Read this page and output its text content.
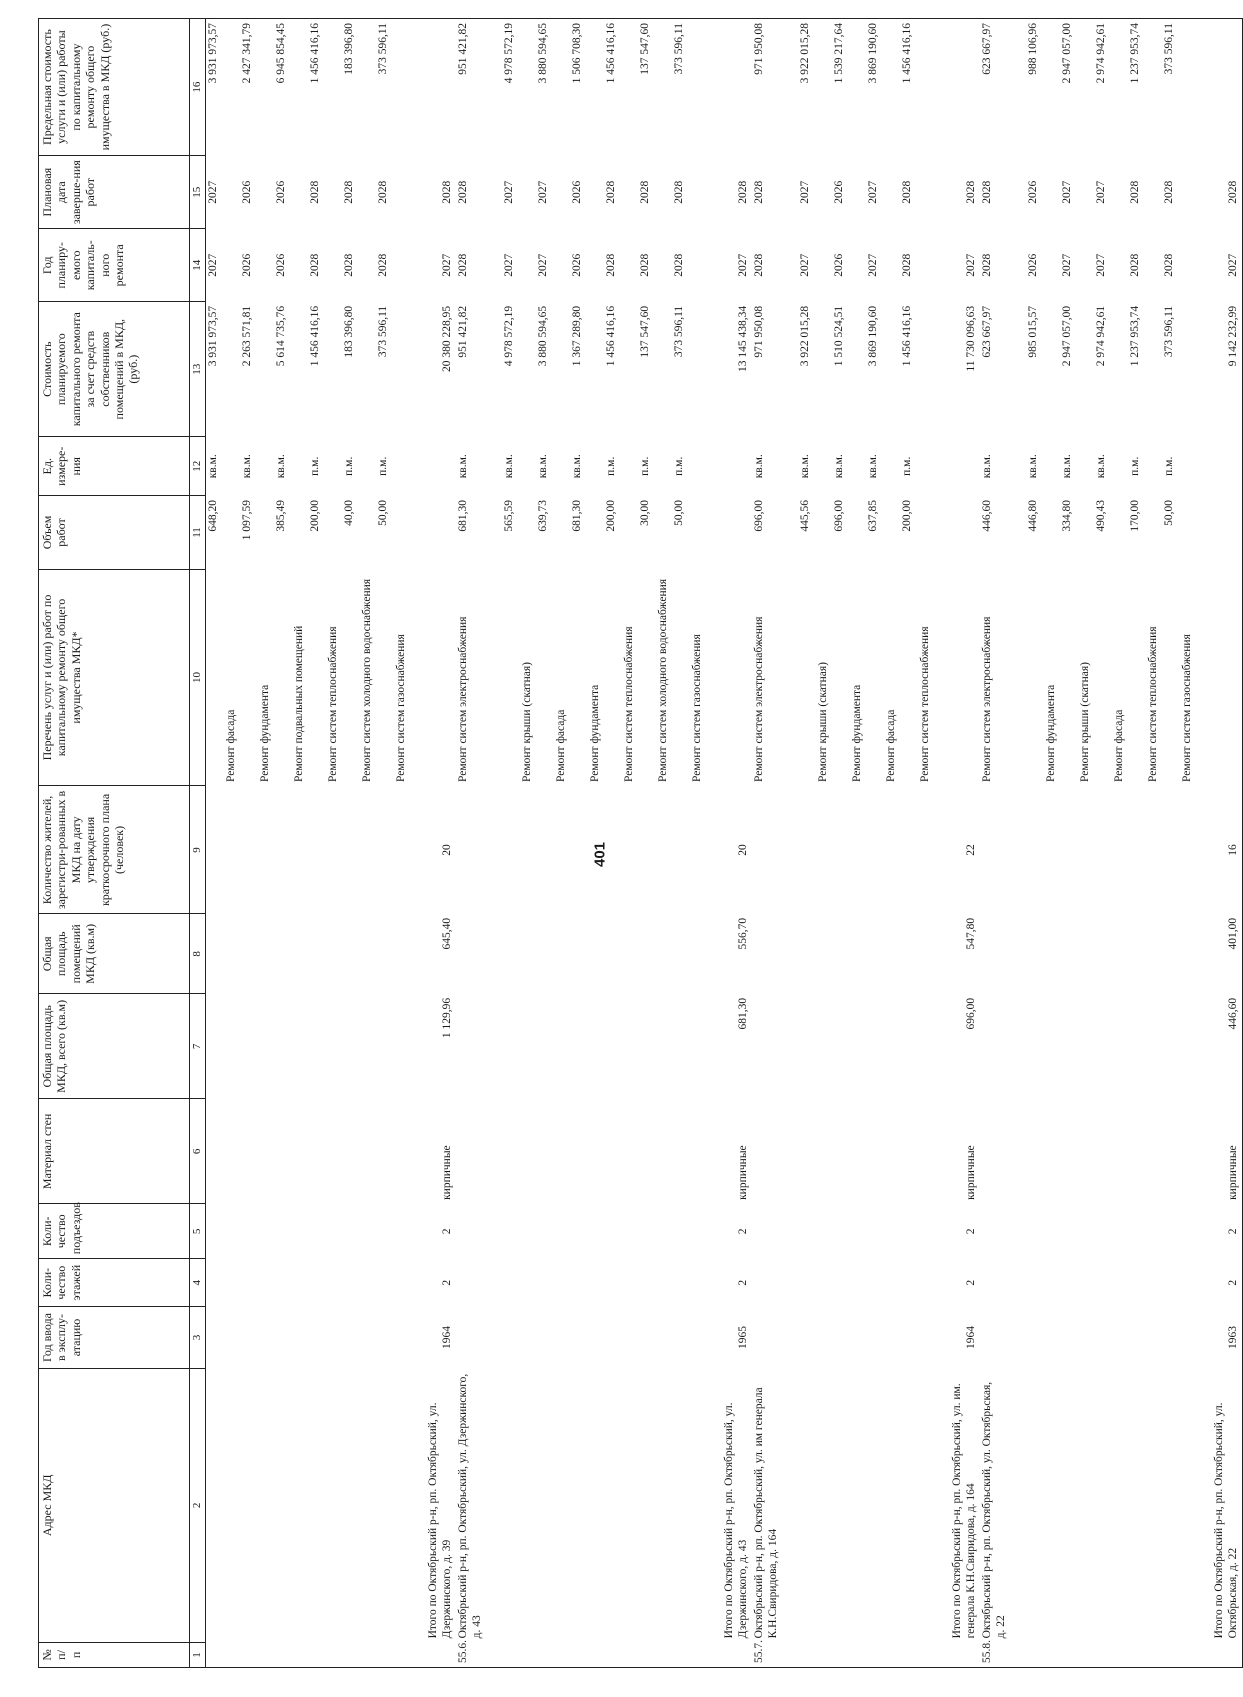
401
№ п/п	Адрес МКД	Год ввода в эксплу-атацию	Коли-чество этажей	Коли-чество подъездов	Материал стен	Общая площадь МКД, всего (кв.м)	Общая площадь помещений МКД (кв.м)	Количество жителей, зарегистри-рованных в МКД на дату утверждения краткосрочного плана (человек)	Перечень услуг и (или) работ по капитальному ремонту общего имущества МКД*	Объем работ	Ед. измере-ния	Стоимость планируемого капитального ремонта за счет средств собственников помещений в МКД, (руб.)	Год планиру-емого капиталь-ного ремонта	Плановая дата заверше-ния работ	Предельная стоимость услуги и (или) работы по капитальному ремонту общего имущества в МКД (руб.)
1	2	3	4	5	6	7	8	9	10	11	12	13	14	15	16
									Ремонт фасада	648,20	кв.м.	3 931 973,57	2027	2027	3 931 973,57
									Ремонт фундамента	1 097,59	кв.м.	2 263 571,81	2026	2026	2 427 341,79
									Ремонт подвальных помещений	385,49	кв.м.	5 614 735,76	2026	2026	6 945 854,45
									Ремонт систем теплоснабжения	200,00	п.м.	1 456 416,16	2028	2028	1 456 416,16
									Ремонт систем холодного водоснабжения	40,00	п.м.	183 396,80	2028	2028	183 396,80
									Ремонт систем газоснабжения	50,00	п.м.	373 596,11	2028	2028	373 596,11
	Итого по Октябрьский р-н, рп. Октябрьский, ул. Дзержинского, д. 39	1964	2	2	кирпичные	1 129,96	645,40	20				20 380 228,95	2027	2028	
55.6.	Октябрьский р-н, рп. Октябрьский, ул. Дзержинского, д. 43								Ремонт систем электроснабжения	681,30	кв.м.	951 421,82	2028	2028	951 421,82
									Ремонт крыши (скатная)	565,59	кв.м.	4 978 572,19	2027	2027	4 978 572,19
									Ремонт фасада	639,73	кв.м.	3 880 594,65	2027	2027	3 880 594,65
									Ремонт фундамента	681,30	кв.м.	1 367 289,80	2026	2026	1 506 708,30
									Ремонт систем теплоснабжения	200,00	п.м.	1 456 416,16	2028	2028	1 456 416,16
									Ремонт систем холодного водоснабжения	30,00	п.м.	137 547,60	2028	2028	137 547,60
									Ремонт систем газоснабжения	50,00	п.м.	373 596,11	2028	2028	373 596,11
	Итого по Октябрьский р-н, рп. Октябрьский, ул. Дзержинского, д. 43	1965	2	2	кирпичные	681,30	556,70	20				13 145 438,34	2027	2028	
55.7.	Октябрьский р-н, рп. Октябрьский, ул. им генерала К.Н.Свиридова, д. 164								Ремонт систем электроснабжения	696,00	кв.м.	971 950,08	2028	2028	971 950,08
									Ремонт крыши (скатная)	445,56	кв.м.	3 922 015,28	2027	2027	3 922 015,28
									Ремонт фундамента	696,00	кв.м.	1 510 524,51	2026	2026	1 539 217,64
									Ремонт фасада	637,85	кв.м.	3 869 190,60	2027	2027	3 869 190,60
									Ремонт систем теплоснабжения	200,00	п.м.	1 456 416,16	2028	2028	1 456 416,16
	Итого по Октябрьский р-н, рп. Октябрьский, ул. им. генерала К.Н.Свиридова, д. 164	1964	2	2	кирпичные	696,00	547,80	22				11 730 096,63	2027	2028	
55.8.	Октябрьский р-н, рп. Октябрьский, ул. Октябрьская, д. 22								Ремонт систем электроснабжения	446,60	кв.м.	623 667,97	2028	2028	623 667,97
									Ремонт фундамента	446,80	кв.м.	985 015,57	2026	2026	988 106,96
									Ремонт крыши (скатная)	334,80	кв.м.	2 947 057,00	2027	2027	2 947 057,00
									Ремонт фасада	490,43	кв.м.	2 974 942,61	2027	2027	2 974 942,61
									Ремонт систем теплоснабжения	170,00	п.м.	1 237 953,74	2028	2028	1 237 953,74
									Ремонт систем газоснабжения	50,00	п.м.	373 596,11	2028	2028	373 596,11
	Итого по Октябрьский р-н, рп. Октябрьский, ул. Октябрьская, д. 22	1963	2	2	кирпичные	446,60	401,00	16				9 142 232,99	2027	2028	
